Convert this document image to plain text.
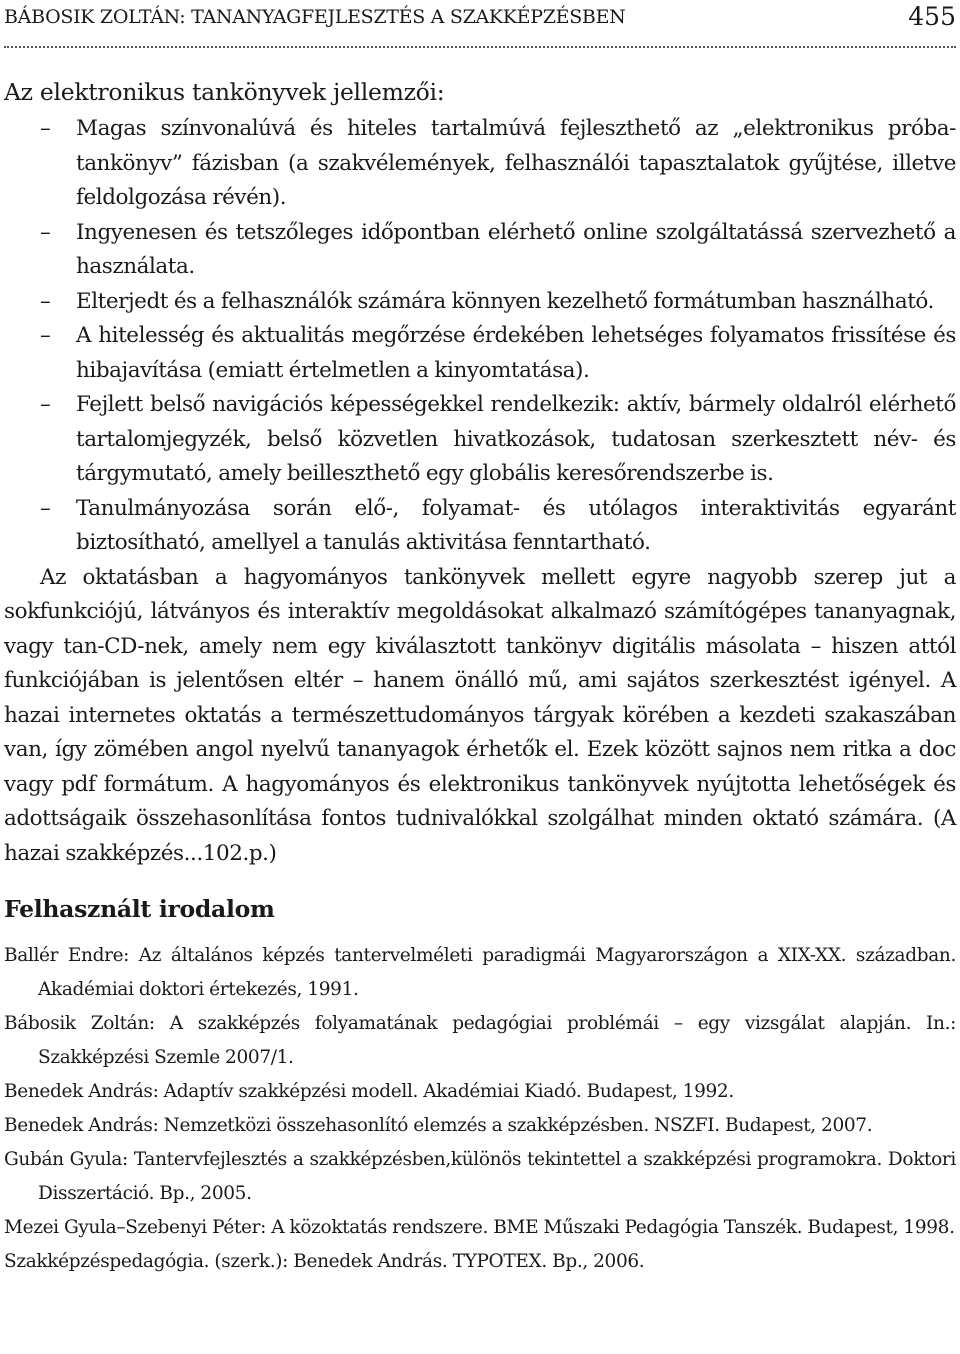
BÁBOSIK ZOLTÁN: TANANYAGFEJLESZTÉS A SZAKKÉPZÉSBEN	455
Az elektronikus tankönyvek jellemzői:
– Magas színvonalúvá és hiteles tartalmúvá fejleszthető az „elektronikus próba-tankönyv” fázisban (a szakvélemények, felhasználói tapasztalatok gyűjtése, illetve feldolgozása révén).
– Ingyenesen és tetszőleges időpontban elérhető online szolgáltatássá szervezhető a használata.
– Elterjedt és a felhasználók számára könnyen kezelhető formátumban használható.
– A hitelesség és aktualitás megőrzése érdekében lehetséges folyamatos frissítése és hibajavítása (emiatt értelmetlen a kinyomtatása).
– Fejlett belső navigációs képességekkel rendelkezik: aktív, bármely oldalról elérhető tartalomjegyzék, belső közvetlen hivatkozások, tudatosan szerkesztett név- és tárgymutató, amely beilleszthető egy globális keresőrendszerbe is.
– Tanulmányozása során elő-, folyamat- és utólagos interaktivitás egyaránt biztosítható, amellyel a tanulás aktivitása fenntartható.

Az oktatásban a hagyományos tankönyvek mellett egyre nagyobb szerep jut a sokfunkciójú, látványos és interaktív megoldásokat alkalmazó számítógépes tananyagnak, vagy tan-CD-nek, amely nem egy kiválasztott tankönyv digitális másolata – hiszen attól funkciójában is jelentősen eltér – hanem önálló mű, ami sajátos szerkesztést igényel. A hazai internetes oktatás a természettudományos tárgyak körében a kezdeti szakaszában van, így zömében angol nyelvű tananyagok érhetők el. Ezek között sajnos nem ritka a doc vagy pdf formátum. A hagyományos és elektronikus tankönyvek nyújtotta lehetőségek és adottságaik összehasonlítása fontos tudnivalókkal szolgálhat minden oktató számára. (A hazai szakképzés...102.p.)

Felhasznált irodalom
Ballér Endre: Az általános képzés tantervelméleti paradigmái Magyarországon a XIX-XX. században. Akadémiai doktori értekezés, 1991.
Bábosik Zoltán: A szakképzés folyamatának pedagógiai problémái – egy vizsgálat alapján. In.: Szakképzési Szemle 2007/1.
Benedek András: Adaptív szakképzési modell. Akadémiai Kiadó. Budapest, 1992.
Benedek András: Nemzetközi összehasonlító elemzés a szakképzésben. NSZFI. Budapest, 2007.
Gubán Gyula: Tantervfejlesztés a szakképzésben,különös tekintettel a szakképzési programokra. Doktori Disszertáció. Bp., 2005.
Mezei Gyula–Szebenyi Péter: A közoktatás rendszere. BME Műszaki Pedagógia Tanszék. Budapest, 1998.
Szakképzéspedagógia. (szerk.): Benedek András. TYPOTEX. Bp., 2006.
